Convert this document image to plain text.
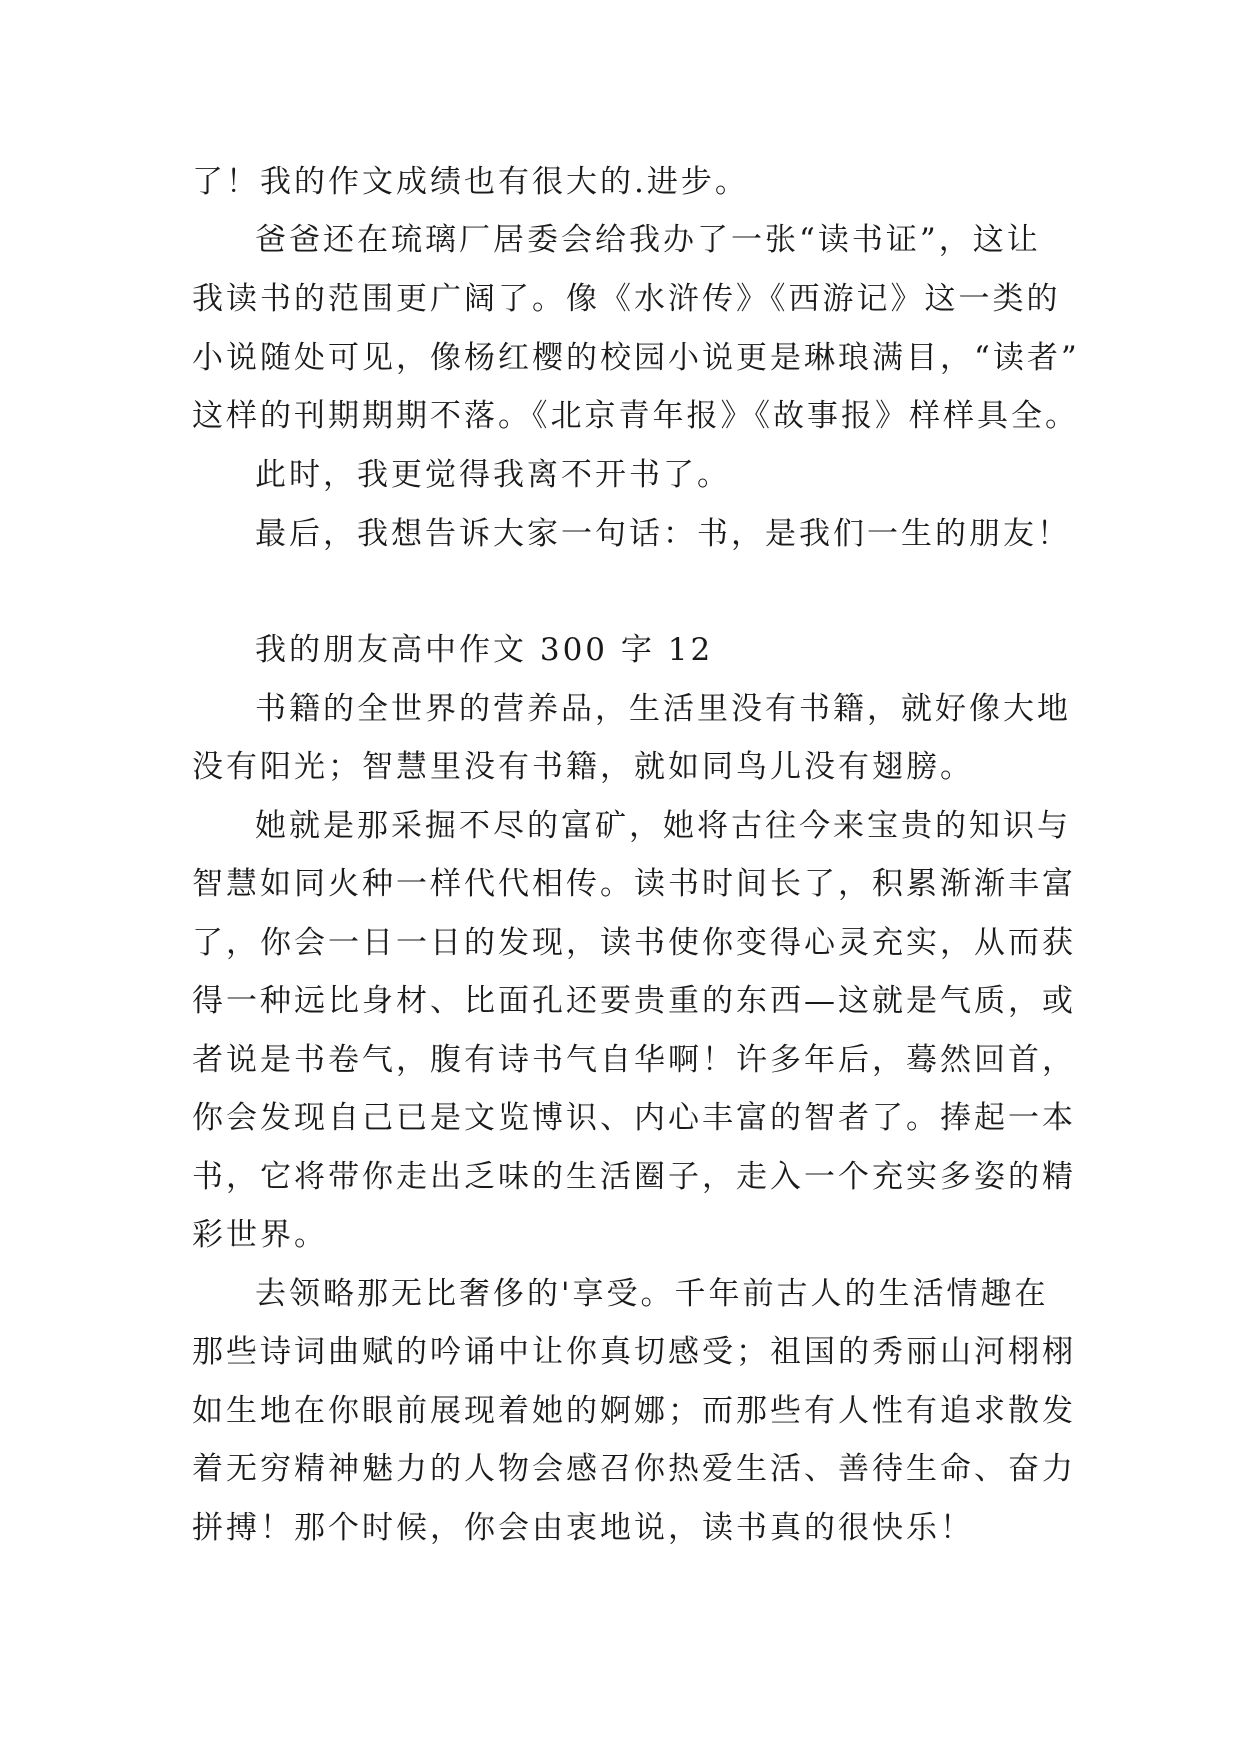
了！我的作文成绩也有很大的.进步。
爸爸还在琉璃厂居委会给我办了一张“读书证”，这让
我读书的范围更广阔了。像《水浒传》《西游记》这一类的
小说随处可见，像杨红樱的校园小说更是琳琅满目，“读者”
这样的刊期期期不落。《北京青年报》《故事报》样样具全。
此时，我更觉得我离不开书了。
最后，我想告诉大家一句话：书，是我们一生的朋友！
我的朋友高中作文 300 字 12
书籍的全世界的营养品，生活里没有书籍，就好像大地
没有阳光；智慧里没有书籍，就如同鸟儿没有翅膀。
她就是那采掘不尽的富矿，她将古往今来宝贵的知识与
智慧如同火种一样代代相传。读书时间长了，积累渐渐丰富
了，你会一日一日的发现，读书使你变得心灵充实，从而获
得一种远比身材、比面孔还要贵重的东西—这就是气质，或
者说是书卷气，腹有诗书气自华啊！许多年后，蓦然回首，
你会发现自己已是文览博识、内心丰富的智者了。捧起一本
书，它将带你走出乏味的生活圈子，走入一个充实多姿的精
彩世界。
去领略那无比奢侈的'享受。千年前古人的生活情趣在
那些诗词曲赋的吟诵中让你真切感受；祖国的秀丽山河栩栩
如生地在你眼前展现着她的婀娜；而那些有人性有追求散发
着无穷精神魅力的人物会感召你热爱生活、善待生命、奋力
拼搏！那个时候，你会由衷地说，读书真的很快乐！
